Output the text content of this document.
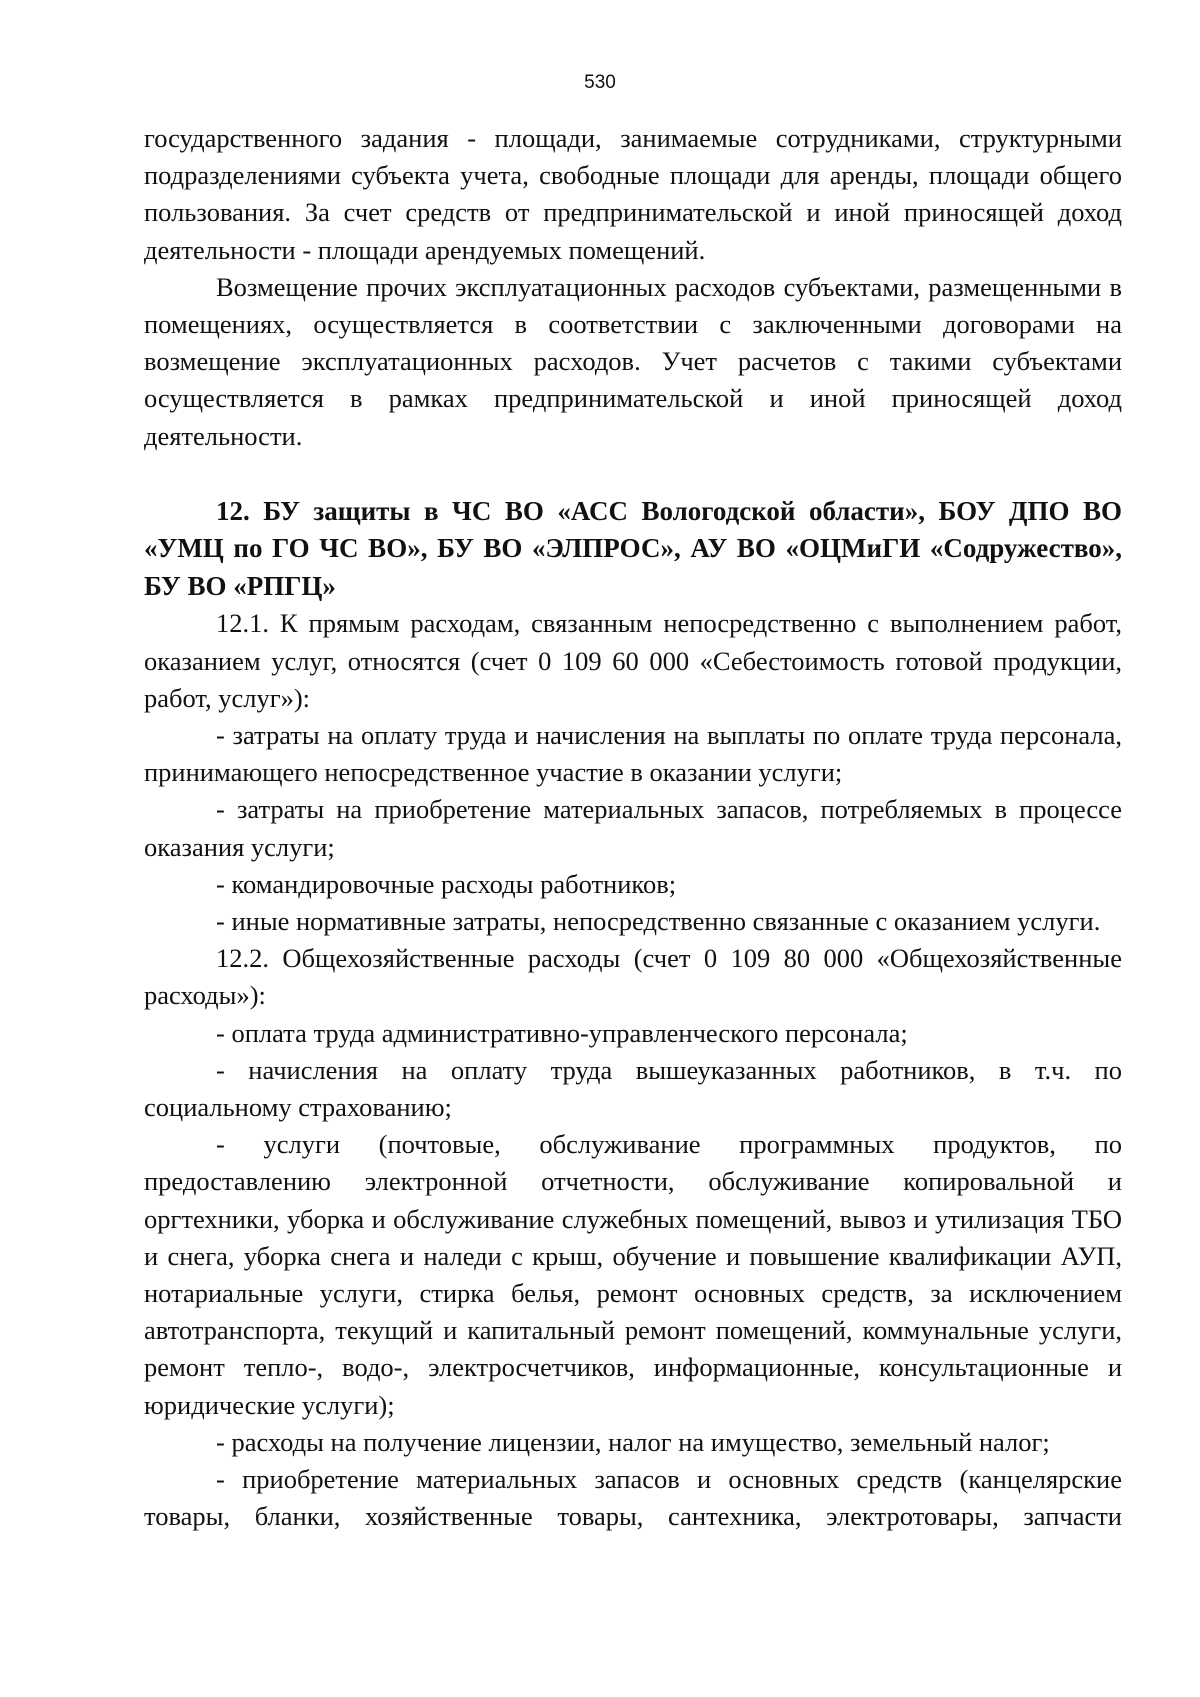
530

государственного задания - площади, занимаемые сотрудниками, структурными подразделениями субъекта учета, свободные площади для аренды, площади общего пользования. За счет средств от предпринимательской и иной приносящей доход деятельности - площади арендуемых помещений.

Возмещение прочих эксплуатационных расходов субъектами, размещенными в помещениях, осуществляется в соответствии с заключенными договорами на возмещение эксплуатационных расходов. Учет расчетов с такими субъектами осуществляется в рамках предпринимательской и иной приносящей доход деятельности.

12. БУ защиты в ЧС ВО «АСС Вологодской области», БОУ ДПО ВО «УМЦ по ГО ЧС ВО», БУ ВО «ЭЛПРОС», АУ ВО «ОЦМиГИ «Содружество», БУ ВО «РПГЦ»

12.1. К прямым расходам, связанным непосредственно с выполнением работ, оказанием услуг, относятся (счет 0 109 60 000 «Себестоимость готовой продукции, работ, услуг»):

- затраты на оплату труда и начисления на выплаты по оплате труда персонала, принимающего непосредственное участие в оказании услуги;

- затраты на приобретение материальных запасов, потребляемых в процессе оказания услуги;

- командировочные расходы работников;

- иные нормативные затраты, непосредственно связанные с оказанием услуги.

12.2. Общехозяйственные расходы (счет 0 109 80 000 «Общехозяйственные расходы»):

- оплата труда административно-управленческого персонала;

- начисления на оплату труда вышеуказанных работников, в т.ч. по социальному страхованию;

- услуги (почтовые, обслуживание программных продуктов, по предоставлению электронной отчетности, обслуживание копировальной и оргтехники, уборка и обслуживание служебных помещений, вывоз и утилизация ТБО и снега, уборка снега и наледи с крыш, обучение и повышение квалификации АУП, нотариальные услуги, стирка белья, ремонт основных средств, за исключением автотранспорта, текущий и капитальный ремонт помещений, коммунальные услуги, ремонт тепло-, водо-, электросчетчиков, информационные, консультационные и юридические услуги);

- расходы на получение лицензии, налог на имущество, земельный налог;

- приобретение материальных запасов и основных средств (канцелярские товары, бланки, хозяйственные товары, сантехника, электротовары, запчасти
